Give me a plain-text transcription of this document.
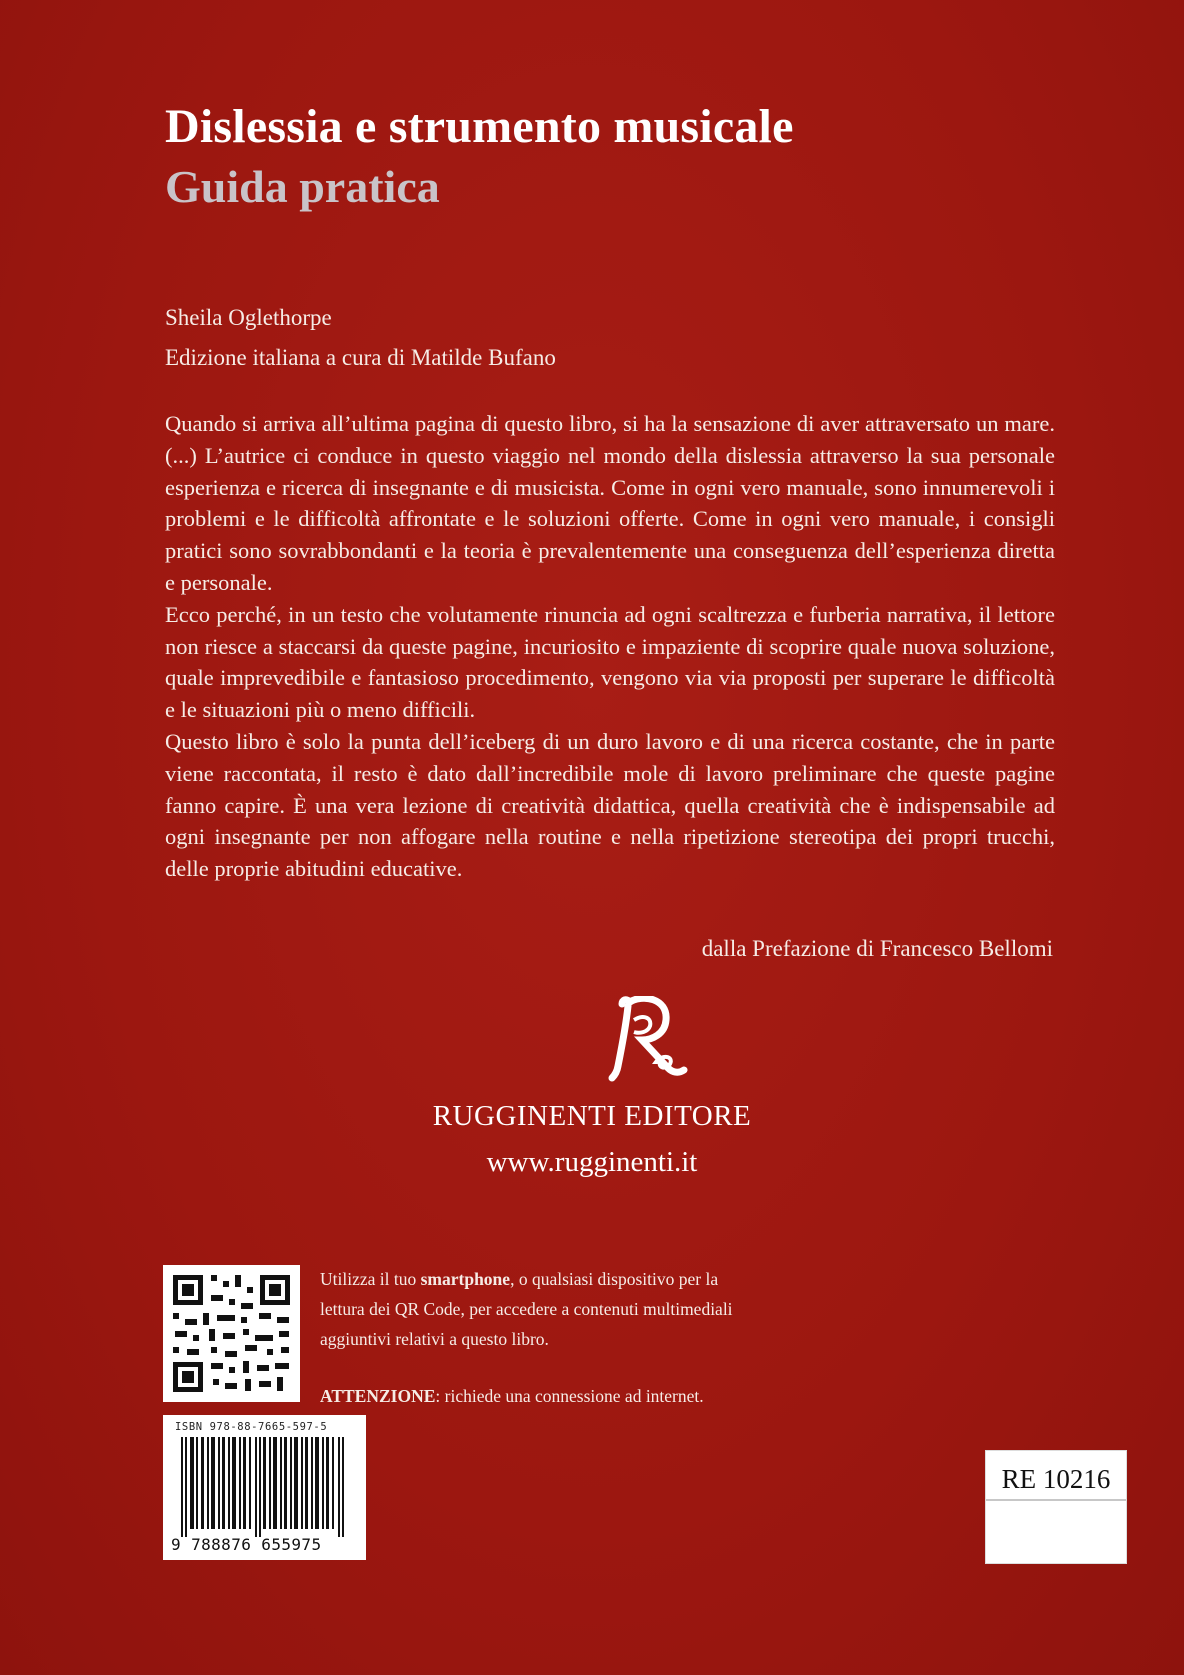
Dislessia e strumento musicale
Guida pratica

Sheila Oglethorpe

Edizione italiana a cura di Matilde Bufano

Quando si arriva all’ultima pagina di questo libro, si ha la sensazione di aver attraversato un mare. (...) L’autrice ci conduce in questo viaggio nel mondo della dislessia attraverso la sua personale esperienza e ricerca di insegnante e di musicista. Come in ogni vero manuale, sono innumerevoli i problemi e le difficoltà affrontate e le soluzioni offerte. Come in ogni vero manuale, i consigli pratici sono sovrabbondanti e la teoria è prevalentemente una conseguenza dell’esperienza diretta e personale.

Ecco perché, in un testo che volutamente rinuncia ad ogni scaltrezza e furberia narrativa, il lettore non riesce a staccarsi da queste pagine, incuriosito e impaziente di scoprire quale nuova soluzione, quale imprevedibile e fantasioso procedimento, vengono via via proposti per superare le difficoltà e le situazioni più o meno difficili.

Questo libro è solo la punta dell’iceberg di un duro lavoro e di una ricerca costante, che in parte viene raccontata, il resto è dato dall’incredibile mole di lavoro preliminare che queste pagine fanno capire. È una vera lezione di creatività didattica, quella creatività che è indispensabile ad ogni insegnante per non affogare nella routine e nella ripetizione stereotipa dei propri trucchi, delle proprie abitudini educative.

dalla Prefazione di Francesco Bellomi

RUGGINENTI EDITORE

www.rugginenti.it

Utilizza il tuo smartphone, o qualsiasi dispositivo per la lettura dei QR Code, per accedere a contenuti multimediali aggiuntivi relativi a questo libro.

ATTENZIONE: richiede una connessione ad internet.

ISBN 978-88-7665-597-5
9 788876 655975
RE 10216
